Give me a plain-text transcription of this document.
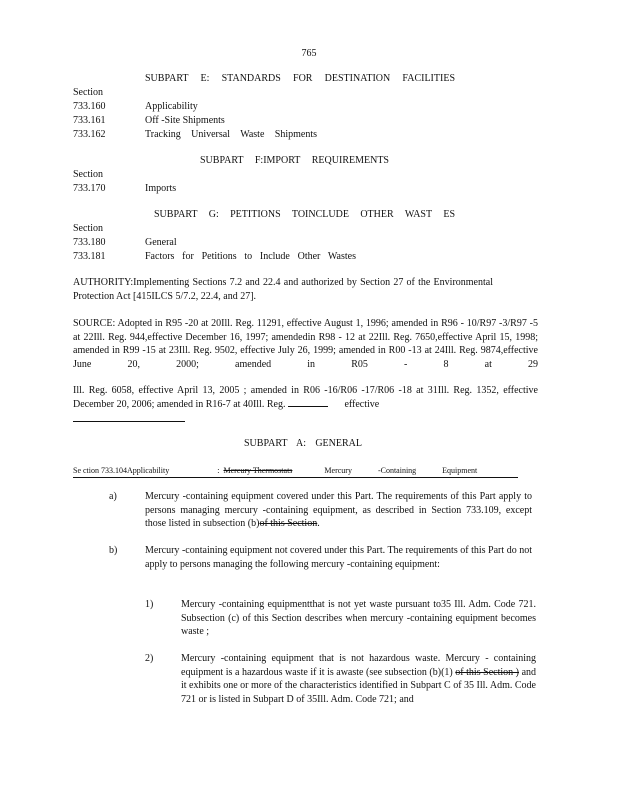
765
SUBPART E: STANDARDS FOR DESTINATION FACILITIES
Section
733.160	Applicability
733.161	Off -Site Shipments
733.162	Tracking Universal Waste Shipments
SUBPART F:IMPORT REQUIREMENTS
Section
733.170	Imports
SUBPART G: PETITIONS TOINCLUDE OTHER WAST ES
Section
733.180	General
733.181	Factors for Petitions to Include Other Wastes
AUTHORITY:Implementing Sections 7.2 and 22.4 and authorized by Section 27 of the Environmental Protection Act [415ILCS 5/7.2, 22.4, and 27].
SOURCE: Adopted in R95 -20 at 20Ill. Reg. 11291, effective August 1, 1996; amended in R96 - 10/R97 -3/R97 -5 at 22Ill. Reg. 944,effective December 16, 1997; amendedin R98 - 12 at 22Ill. Reg. 7650,effective April 15, 1998; amended in R99 -15 at 23Ill. Reg. 9502, effective July 26, 1999; amended in R00 -13 at 24Ill. Reg. 9874,effective June 20, 2000; amended in R05 - 8 at 29
Ill. Reg. 6058, effective April 13, 2005 ; amended in R06 -16/R06 -17/R06 -18 at 31Ill. Reg. 1352, effective December 20, 2006; amended in R16-7 at 40Ill. Reg.	effective
SUBPART A: GENERAL
Se ction 733.104Applicability	: Mercury Thermostats	Mercury -Containing Equipment
a)	Mercury -containing equipment covered under this Part. The requirements of this Part apply to persons managing mercury -containing equipment, as described in Section 733.109, except those listed in subsection (b)of this Section.
b)	Mercury -containing equipment not covered under this Part. The requirements of this Part do not apply to persons managing the following mercury -containing equipment:
1)	Mercury -containing equipmentthat is not yet waste pursuant to35 Ill. Adm. Code 721. Subsection (c) of this Section describes when mercury -containing equipment becomes waste ;
2)	Mercury -containing equipment that is not hazardous waste. Mercury - containing equipment is a hazardous waste if it is awaste (see subsection (b)(1) of this Section ) and it exhibits one or more of the characteristics identified in Subpart C of 35 Ill. Adm. Code 721 or is listed in Subpart D of 35Ill. Adm. Code 721; and
